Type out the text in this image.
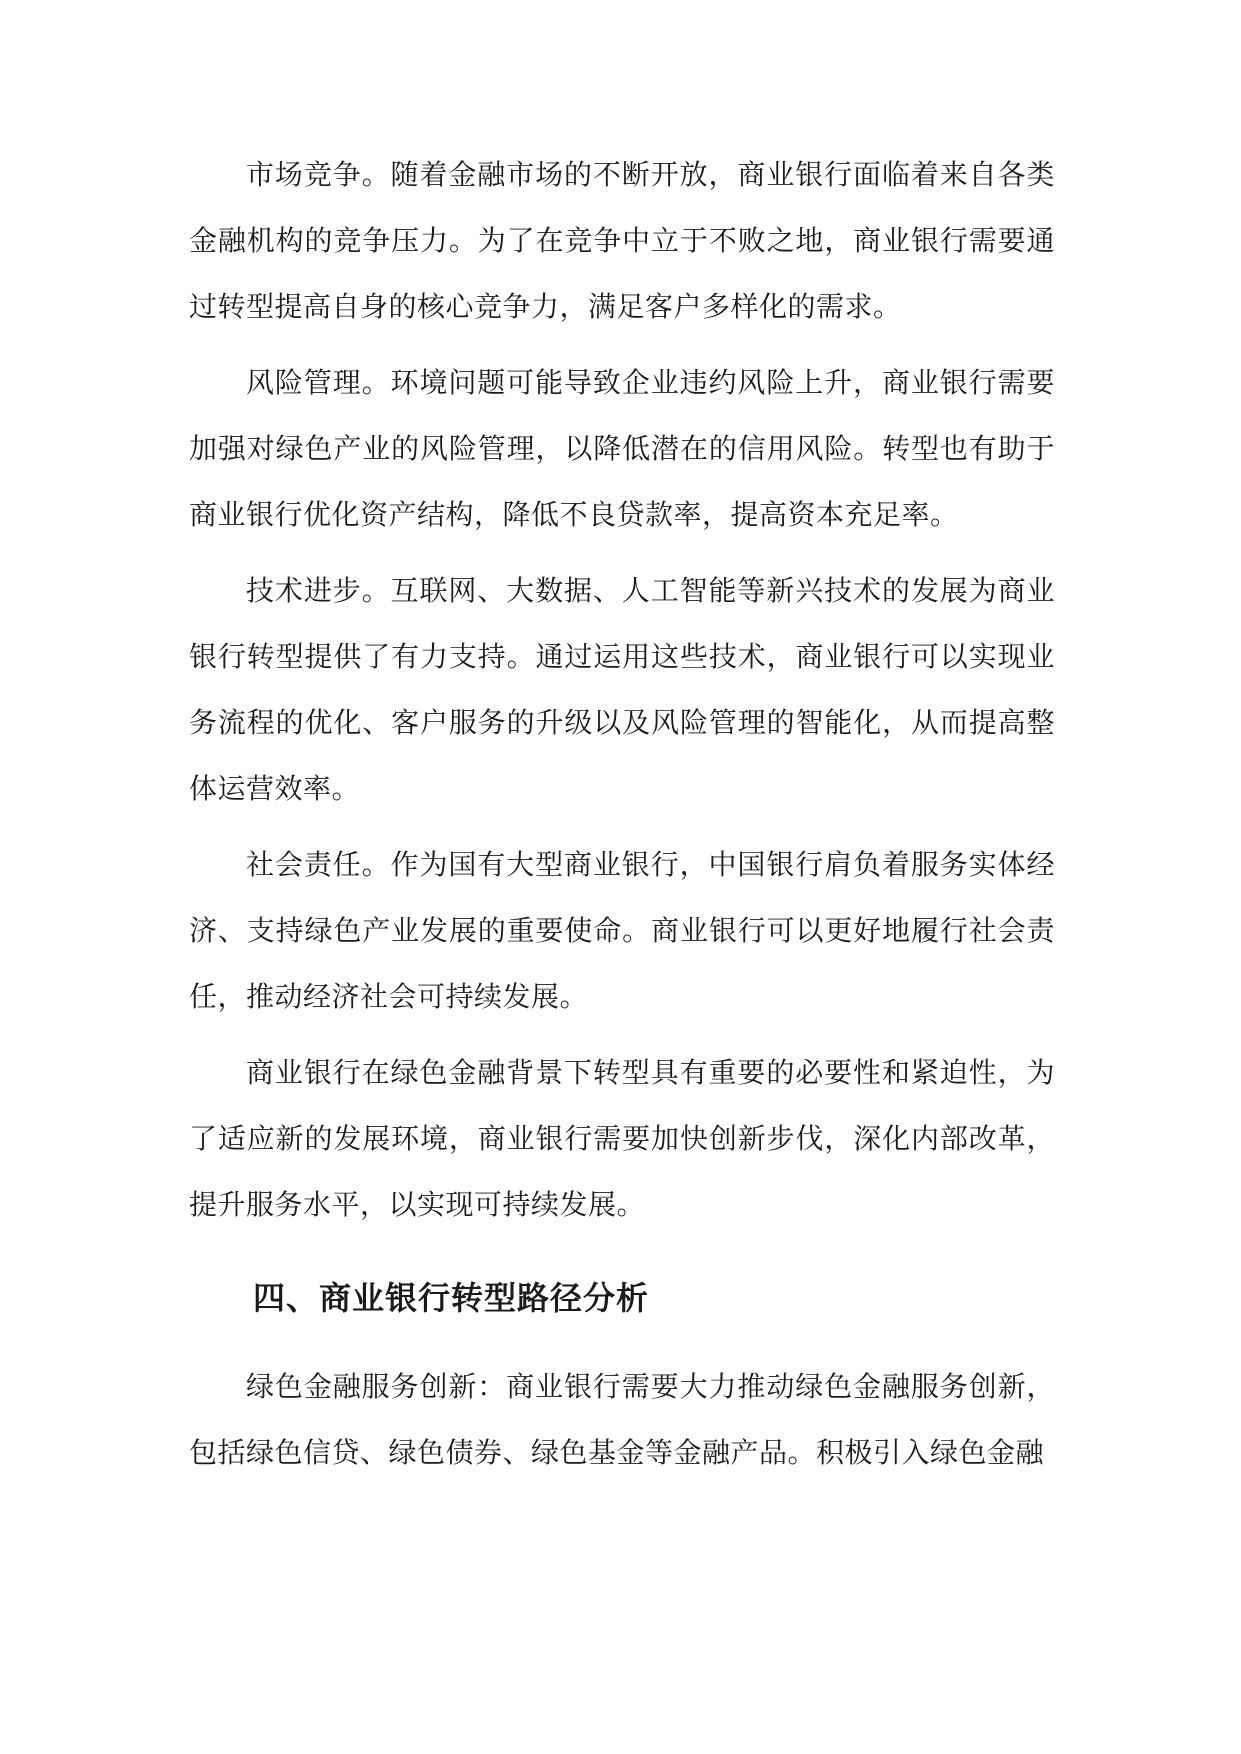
市场竞争。随着金融市场的不断开放，商业银行面临着来自各类金融机构的竞争压力。为了在竞争中立于不败之地，商业银行需要通过转型提高自身的核心竞争力，满足客户多样化的需求。

风险管理。环境问题可能导致企业违约风险上升，商业银行需要加强对绿色产业的风险管理，以降低潜在的信用风险。转型也有助于商业银行优化资产结构，降低不良贷款率，提高资本充足率。

技术进步。互联网、大数据、人工智能等新兴技术的发展为商业银行转型提供了有力支持。通过运用这些技术，商业银行可以实现业务流程的优化、客户服务的升级以及风险管理的智能化，从而提高整体运营效率。

社会责任。作为国有大型商业银行，中国银行肩负着服务实体经济、支持绿色产业发展的重要使命。商业银行可以更好地履行社会责任，推动经济社会可持续发展。

商业银行在绿色金融背景下转型具有重要的必要性和紧迫性，为了适应新的发展环境，商业银行需要加快创新步伐，深化内部改革，提升服务水平，以实现可持续发展。

四、商业银行转型路径分析

绿色金融服务创新：商业银行需要大力推动绿色金融服务创新，包括绿色信贷、绿色债券、绿色基金等金融产品。积极引入绿色金融
